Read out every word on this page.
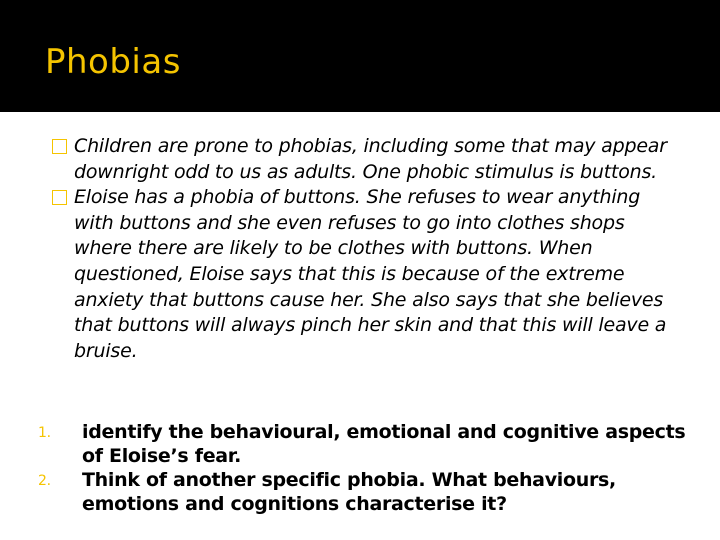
Phobias
Children are prone to phobias, including some that may appear downright odd to us as adults. One phobic stimulus is buttons.
Eloise has a phobia of buttons. She refuses to wear anything with buttons and she even refuses to go into clothes shops where there are likely to be clothes with buttons. When questioned, Eloise says that this is because of the extreme anxiety that buttons cause her. She also says that she believes that buttons will always pinch her skin and that this will leave a bruise.
1. identify the behavioural, emotional and cognitive aspects of Eloise’s fear.
2. Think of another specific phobia. What behaviours, emotions and cognitions characterise it?
